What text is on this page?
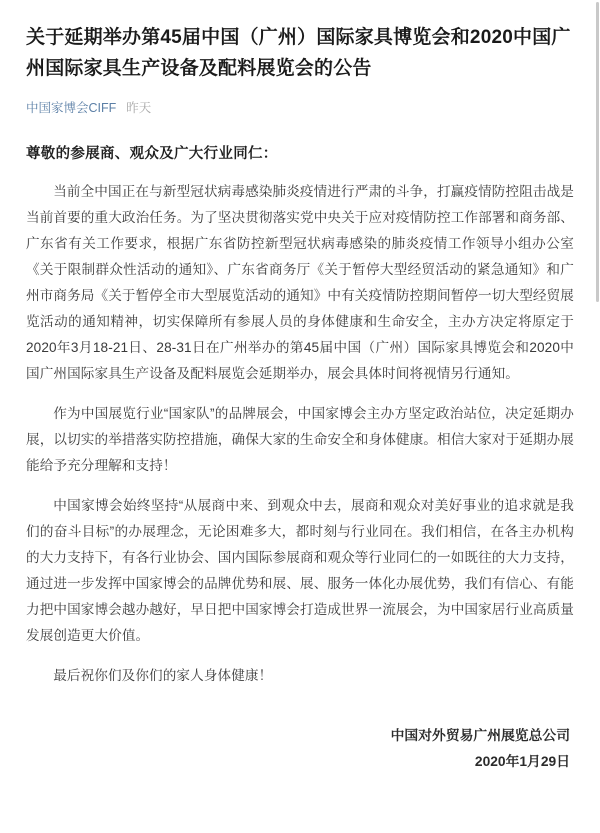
关于延期举办第45届中国（广州）国际家具博览会和2020中国广州国际家具生产设备及配料展览会的公告
中国家博会CIFF 昨天

尊敬的参展商、观众及广大行业同仁：

当前全中国正在与新型冠状病毒感染肺炎疫情进行严肃的斗争，打赢疫情防控阻击战是当前首要的重大政治任务。为了坚决贯彻落实党中央关于应对疫情防控工作部署和商务部、广东省有关工作要求，根据广东省防控新型冠状病毒感染的肺炎疫情工作领导小组办公室《关于限制群众性活动的通知》、广东省商务厅《关于暂停大型经贸活动的紧急通知》和广州市商务局《关于暂停全市大型展览活动的通知》中有关疫情防控期间暂停一切大型经贸展览活动的通知精神，切实保障所有参展人员的身体健康和生命安全，主办方决定将原定于2020年3月18-21日、28-31日在广州举办的第45届中国（广州）国际家具博览会和2020中国广州国际家具生产设备及配料展览会延期举办，展会具体时间将视情另行通知。

作为中国展览行业“国家队”的品牌展会，中国家博会主办方坚定政治站位，决定延期办展，以切实的举措落实防控措施，确保大家的生命安全和身体健康。相信大家对于延期办展能给予充分理解和支持！

中国家博会始终坚持“从展商中来、到观众中去，展商和观众对美好事业的追求就是我们的奋斗目标”的办展理念，无论困难多大，都时刻与行业同在。我们相信，在各主办机构的大力支持下，有各行业协会、国内国际参展商和观众等行业同仁的一如既往的大力支持，通过进一步发挥中国家博会的品牌优势和展、展、服务一体化办展优势，我们有信心、有能力把中国家博会越办越好，早日把中国家博会打造成世界一流展会，为中国家居行业高质量发展创造更大价值。

最后祝你们及你们的家人身体健康！

中国对外贸易广州展览总公司
2020年1月29日
